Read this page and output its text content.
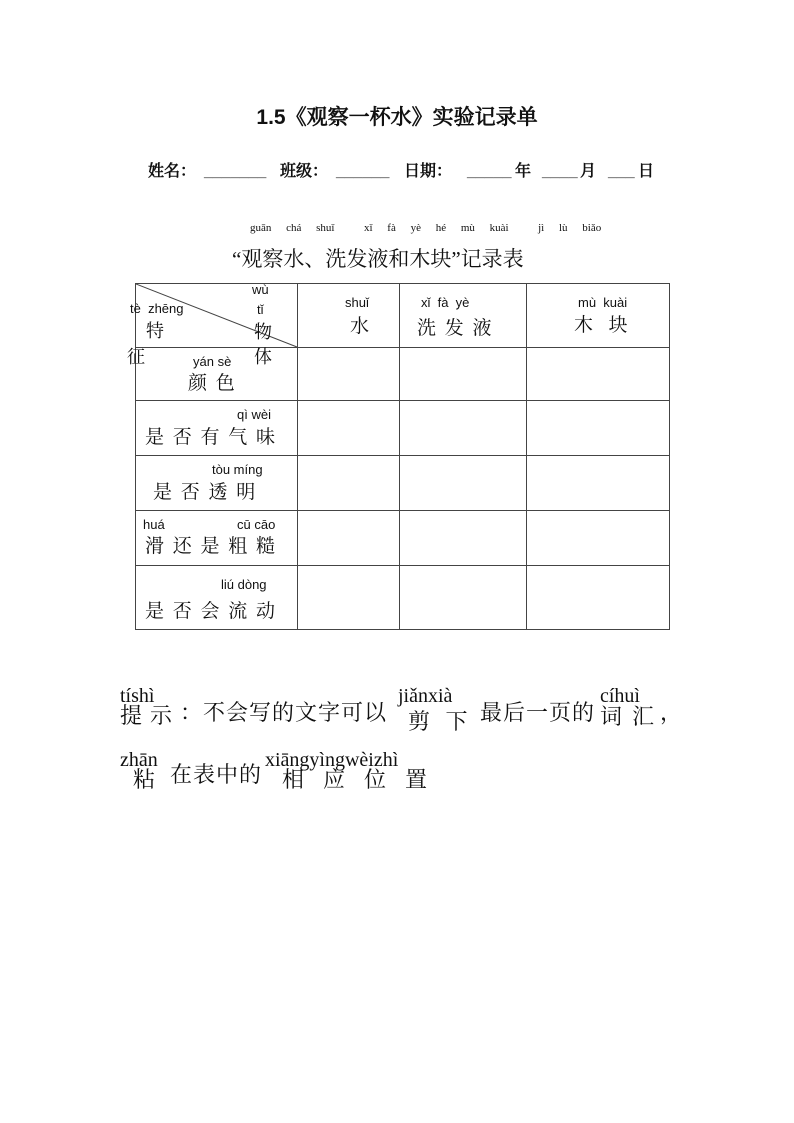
1.5《观察一杯水》实验记录单
姓名： _______ 班级： ______ 日期： _____ 年 ____ 月 ___ 日
guān chá shuǐ  xǐ fà yè hé mù kuài  jì lù biǎo
“观察水、洗发液和木块”记录表
wù
tǐ
物
tè  zhēng
特
征	体
shuǐ
水
xǐ  fà  yè
洗 发 液
mù  kuài
木  块
yán sè
颜 色
qì wèi
是 否 有 气 味
tòu míng
是 否 透 明
huá	cū cāo
滑 还 是 粗 糙
liú dòng
是 否 会 流 动
tíshì
提示 ：不会写的文字可以
jiǎnxià
剪 下 最后一页的
cíhuì
词汇
，
zhān
粘 在表中的
xiāngyìngwèizhì
相  应  位  置
